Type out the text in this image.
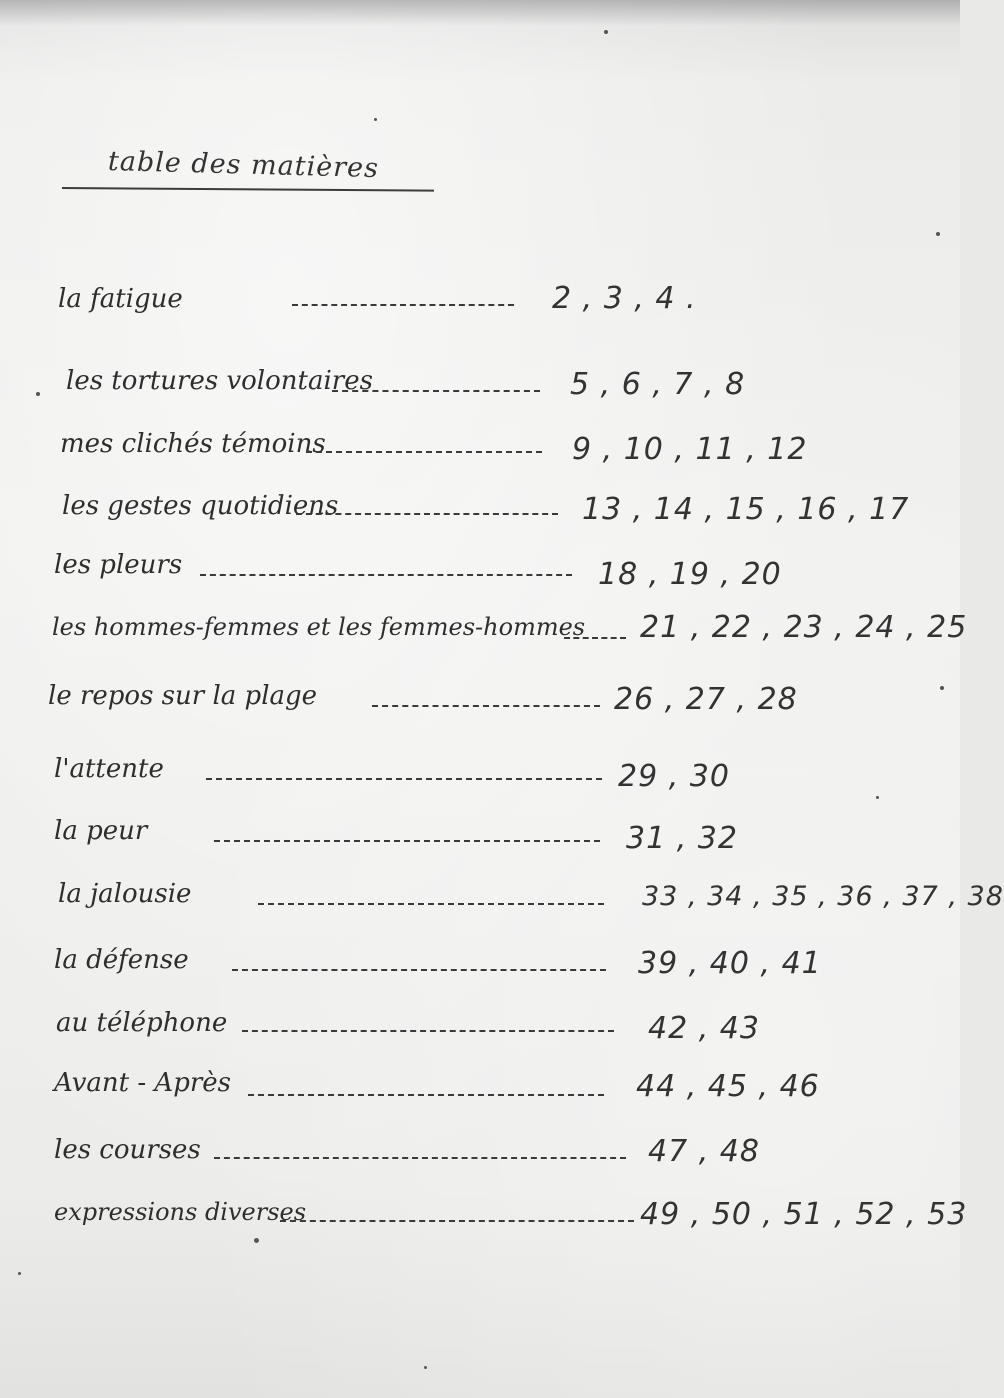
table des matières
la fatigue	2 , 3 , 4 .
les tortures volontaires	5 , 6 , 7 , 8
mes clichés témoins	9 , 10 , 11 , 12
les gestes quotidiens	13 , 14 , 15 , 16 , 17
les pleurs	18 , 19 , 20
les hommes-femmes et les femmes-hommes 21 , 22 , 23 , 24 , 25
le repos sur la plage	26 , 27 , 28
l'attente	29 , 30
la peur	31 , 32
la jalousie	33 , 34 , 35 , 36 , 37 , 38
la défense	39 , 40 , 41
au téléphone	42 , 43
Avant - Après	44 , 45 , 46
les courses	47 , 48
expressions diverses	49 , 50 , 51 , 52 , 53
